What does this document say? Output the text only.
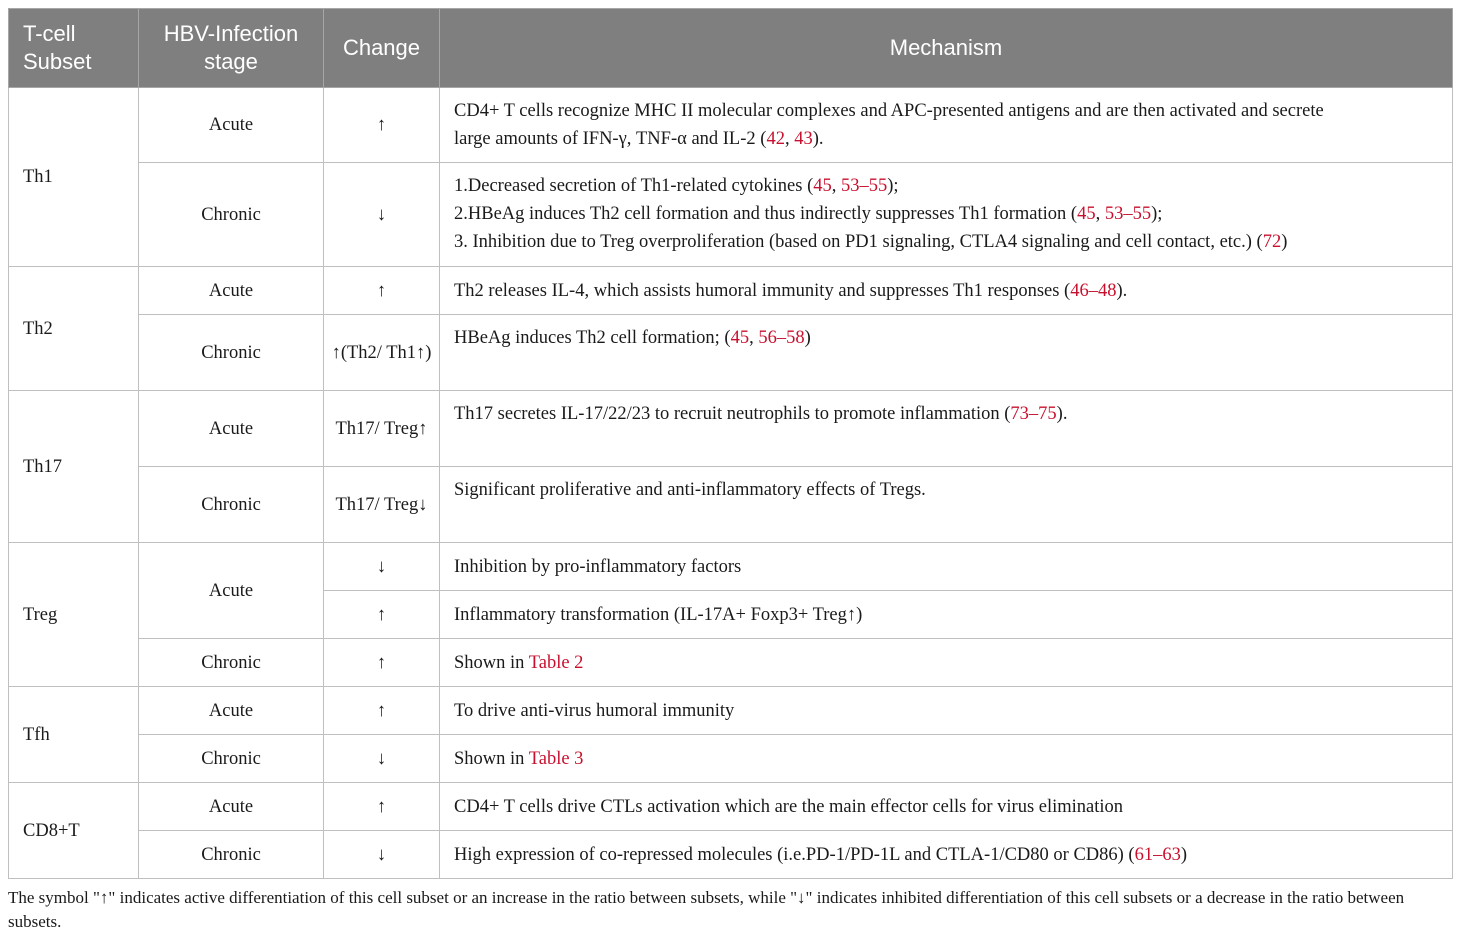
T-cell Subset	HBV-Infection stage	Change	Mechanism
Th1	Acute	↑	CD4+ T cells recognize MHC II molecular complexes and APC-presented antigens and are then activated and secrete
large amounts of IFN-γ, TNF-α and IL-2 (42, 43).

	Chronic	↓	1.Decreased secretion of Th1-related cytokines (45, 53–55);
2.HBeAg induces Th2 cell formation and thus indirectly suppresses Th1 formation (45, 53–55);
3. Inhibition due to Treg overproliferation (based on PD1 signaling, CTLA4 signaling and cell contact, etc.) (72)

Th2	Acute	↑	Th2 releases IL-4, which assists humoral immunity and suppresses Th1 responses (46–48).

	Chronic	↑(Th2/ Th1↑)	HBeAg induces Th2 cell formation; (45, 56–58)

Th17	Acute	Th17/ Treg↑	Th17 secretes IL-17/22/23 to recruit neutrophils to promote inflammation (73–75).

	Chronic	Th17/ Treg↓	Significant proliferative and anti-inflammatory effects of Tregs.

Treg	Acute	↓	Inhibition by pro-inflammatory factors

		↑	Inflammatory transformation (IL-17A+ Foxp3+ Treg↑)

	Chronic	↑	Shown in Table 2

Tfh	Acute	↑	To drive anti-virus humoral immunity

	Chronic	↓	Shown in Table 3

CD8+T	Acute	↑	CD4+ T cells drive CTLs activation which are the main effector cells for virus elimination

	Chronic	↓	High expression of co-repressed molecules (i.e.PD-1/PD-1L and CTLA-1/CD80 or CD86) (61–63)
The symbol "↑" indicates active differentiation of this cell subset or an increase in the ratio between subsets, while "↓" indicates inhibited differentiation of this cell subsets or a decrease in the ratio between subsets.
